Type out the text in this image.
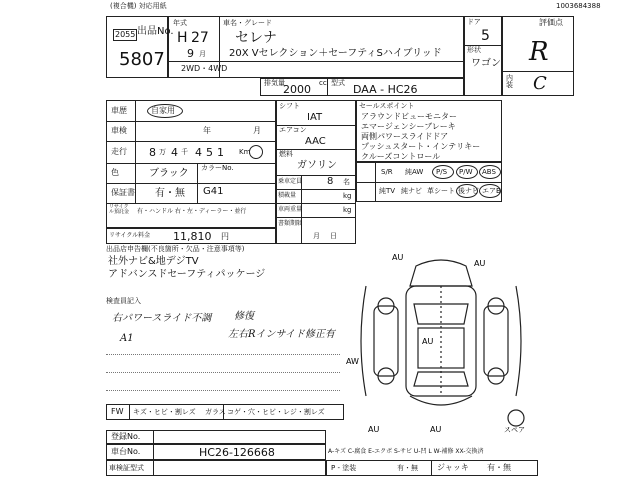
(複合機) 対応用紙	1003684388
出品No.
2055
5807
年式
H 27
9 月
車名・グレード
セレナ
20X Vセレクション＋セーフティSハイブリッド
2WD・4WD
排気量
2000 cc 型式 DAA - HC26
ドア
5
形状
ワゴン
評価点
R
内装 C
車歴	自家用
車検	年	月
走行 8 万 4 千 451 Km
色	ブラック カラーNo.
G41
保証書 有・無
リサイクル預託金	有・ハンドル 右・左・ディーラー・並行
リサイクル料金 11,810 円
シフト
IAT
エアコン
AAC
燃料
ガソリン
乗車定員 8 名
積載量	kg
車両重量	kg
書類期限
月日
セールスポイント
アラウンドビューモニター
エマージェンシーブレーキ
両側パワースライドドア
プッシュスタート・インテリキー
クルーズコントロール
S/R 純AW P/S P/W ABS
純TV 純ナビ 革シート 後ナビ エアB
出品店申告欄(不良箇所・欠品・注意事項等)
社外ナビ&地デジTV
アドバンスドセーフティパッケージ
検査員記入
右パワースライド不調
A1
修復
左右Rインサイド修正有
AU
AU
AW
AU
AU	AU	スペア
FW キズ・ヒビ・割レズ ガラス コゲ・穴・ヒビ・レジ・割レズ
登録No.
車台No.	HC26-126668
車検証型式
A-キズ C-腐食 E-エクボ S-サビ U-凹 L W-補修 XX-交換済
P - 塗装	有・無 ジャッキ 有・無
